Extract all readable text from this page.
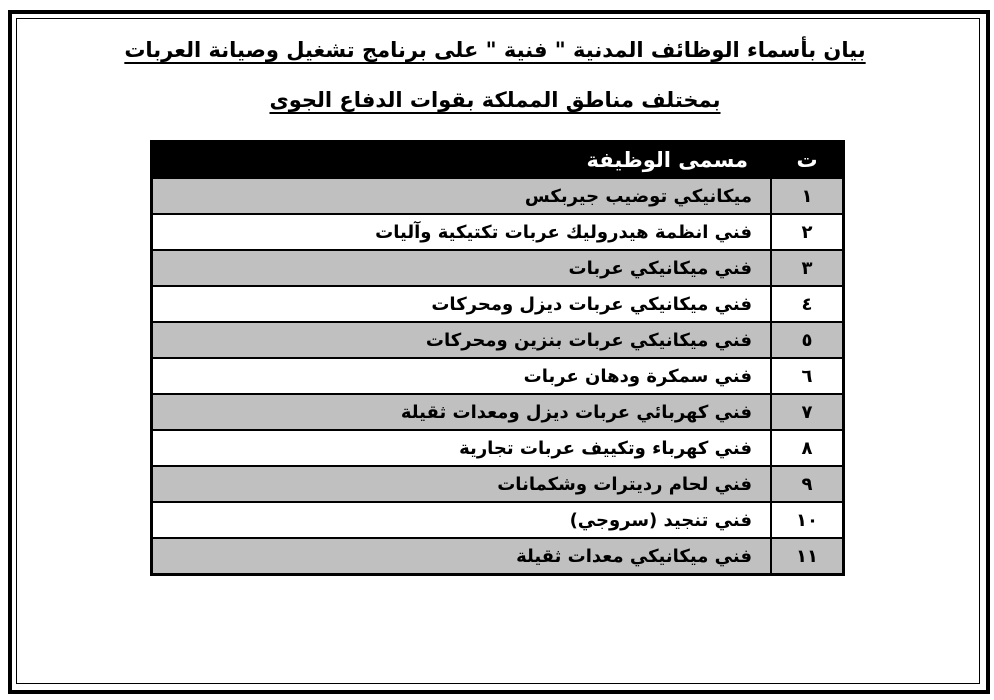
بيان بأسماء الوظائف المدنية " فنية " على برنامج تشغيل وصيانة العربات
بمختلف مناطق المملكة بقوات الدفاع الجوى
ت	مسمى الوظيفة
١	ميكانيكي توضيب جيربكس
٢	فني انظمة هيدروليك عربات تكتيكية وآليات
٣	فني ميكانيكي عربات
٤	فني ميكانيكي عربات ديزل ومحركات
٥	فني ميكانيكي عربات بنزين ومحركات
٦	فني سمكرة ودهان عربات
٧	فني كهربائي عربات ديزل ومعدات ثقيلة
٨	فني كهرباء وتكييف عربات تجارية
٩	فني لحام رديترات وشكمانات
١٠	فني تنجيد (سروجي)
١١	فني ميكانيكي معدات ثقيلة
